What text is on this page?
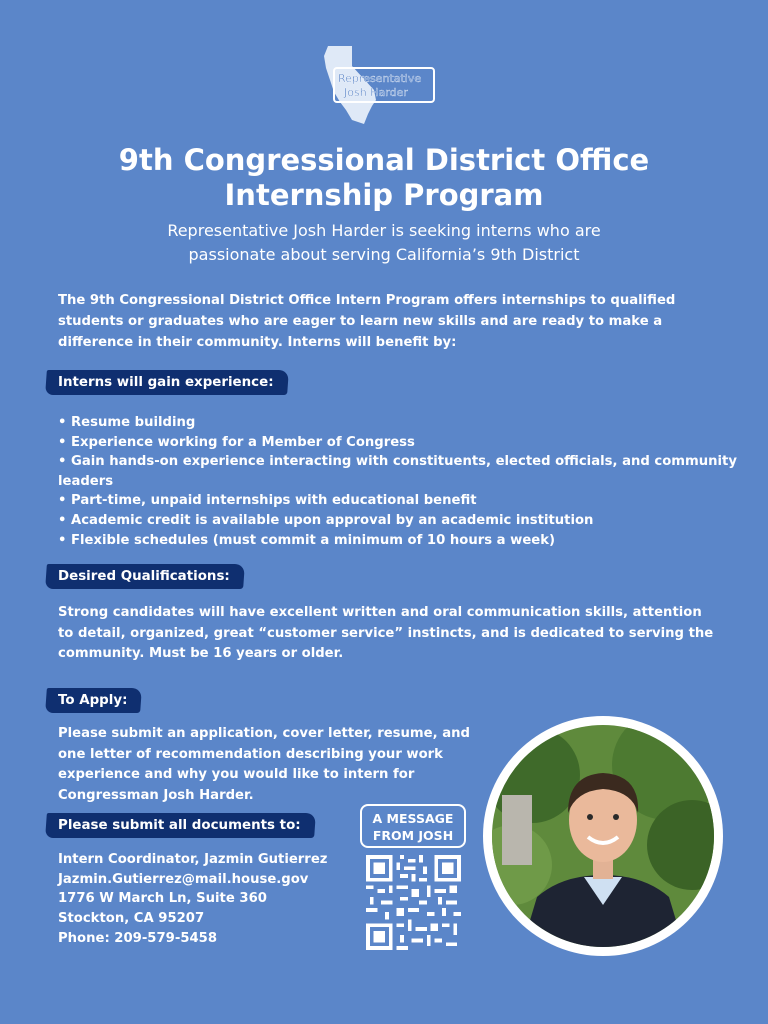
Representative
Josh Harder
9th Congressional District Office
Internship Program

Representative Josh Harder is seeking interns who are
passionate about serving California’s 9th District

The 9th Congressional District Office Intern Program offers internships to qualified students or graduates who are eager to learn new skills and are ready to make a difference in their community. Interns will benefit by:

Interns will gain experience:
• Resume building
• Experience working for a Member of Congress
• Gain hands-on experience interacting with constituents, elected officials, and community leaders
• Part-time, unpaid internships with educational benefit
• Academic credit is available upon approval by an academic institution
• Flexible schedules (must commit a minimum of 10 hours a week)
Desired Qualifications:

Strong candidates will have excellent written and oral communication skills, attention to detail, organized, great “customer service” instincts, and is dedicated to serving the community. Must be 16 years or older.

To Apply:

Please submit an application, cover letter, resume, and
one letter of recommendation describing your work
experience and why you would like to intern for
Congressman Josh Harder.

Please submit all documents to:
Intern Coordinator, Jazmin Gutierrez
Jazmin.Gutierrez@mail.house.gov
1776 W March Ln, Suite 360
Stockton, CA 95207
Phone: 209-579-5458
A MESSAGE
FROM JOSH
